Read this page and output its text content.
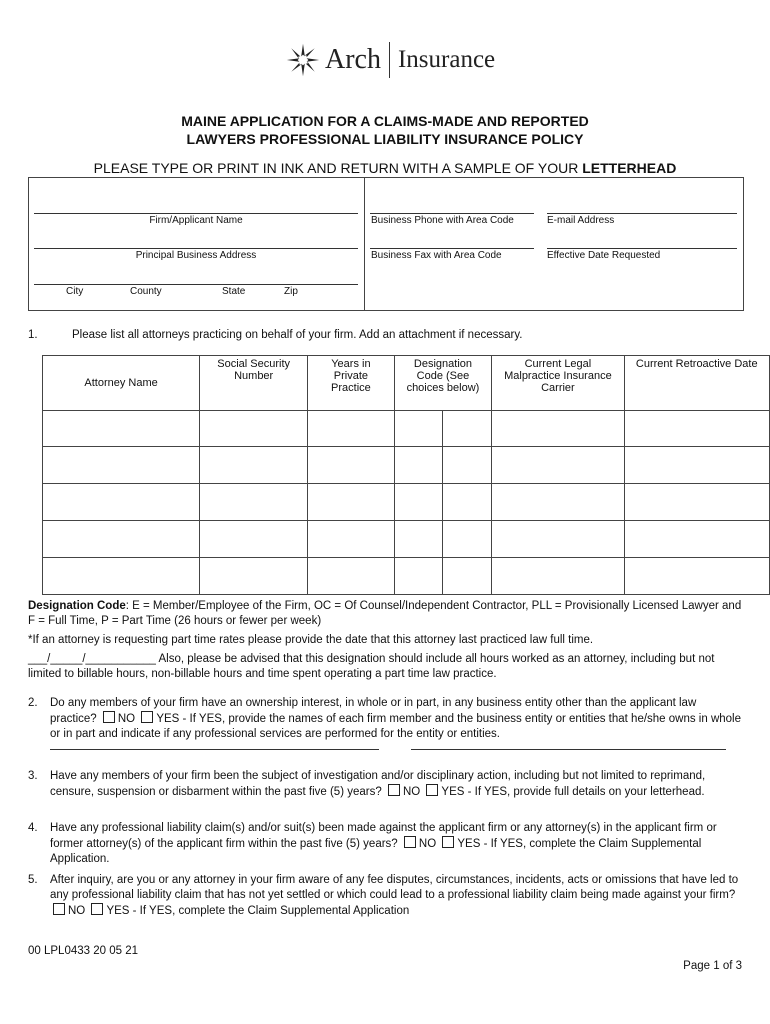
Arch Insurance
MAINE APPLICATION FOR A CLAIMS-MADE AND REPORTED
LAWYERS PROFESSIONAL LIABILITY INSURANCE POLICY
PLEASE TYPE OR PRINT IN INK AND RETURN WITH A SAMPLE OF YOUR LETTERHEAD
Firm/Applicant Name
Principal Business Address
City	County	State	Zip
Business Phone with Area Code
Business Fax with Area Code
E-mail Address
Effective Date Requested
1.	Please list all attorneys practicing on behalf of your firm. Add an attachment if necessary.
Attorney Name	Social Security Number	Years in Private Practice	Designation Code (See choices below)		Current Legal Malpractice Insurance Carrier	Current Retroactive Date

Designation Code: E = Member/Employee of the Firm, OC = Of Counsel/Independent Contractor, PLL = Provisionally Licensed Lawyer and F = Full Time, P = Part Time (26 hours or fewer per week)
*If an attorney is requesting part time rates please provide the date that this attorney last practiced law full time.
___/_____/___________ Also, please be advised that this designation should include all hours worked as an attorney, including but not limited to billable hours, non-billable hours and time spent operating a part time law practice.
2. Do any members of your firm have an ownership interest, in whole or in part, in any business entity other than the applicant law practice? NO YES - If YES, provide the names of each firm member and the business entity or entities that he/she owns in whole or in part and indicate if any professional services are performed for the entity or entities.
3. Have any members of your firm been the subject of investigation and/or disciplinary action, including but not limited to reprimand, censure, suspension or disbarment within the past five (5) years? NO YES - If YES, provide full details on your letterhead.
4. Have any professional liability claim(s) and/or suit(s) been made against the applicant firm or any attorney(s) in the applicant firm or former attorney(s) of the applicant firm within the past five (5) years? NO YES - If YES, complete the Claim Supplemental Application.
5. After inquiry, are you or any attorney in your firm aware of any fee disputes, circumstances, incidents, acts or omissions that have led to any professional liability claim that has not yet settled or which could lead to a professional liability claim being made against your firm? NO YES - If YES, complete the Claim Supplemental Application
00 LPL0433 20 05 21
Page 1 of 3
